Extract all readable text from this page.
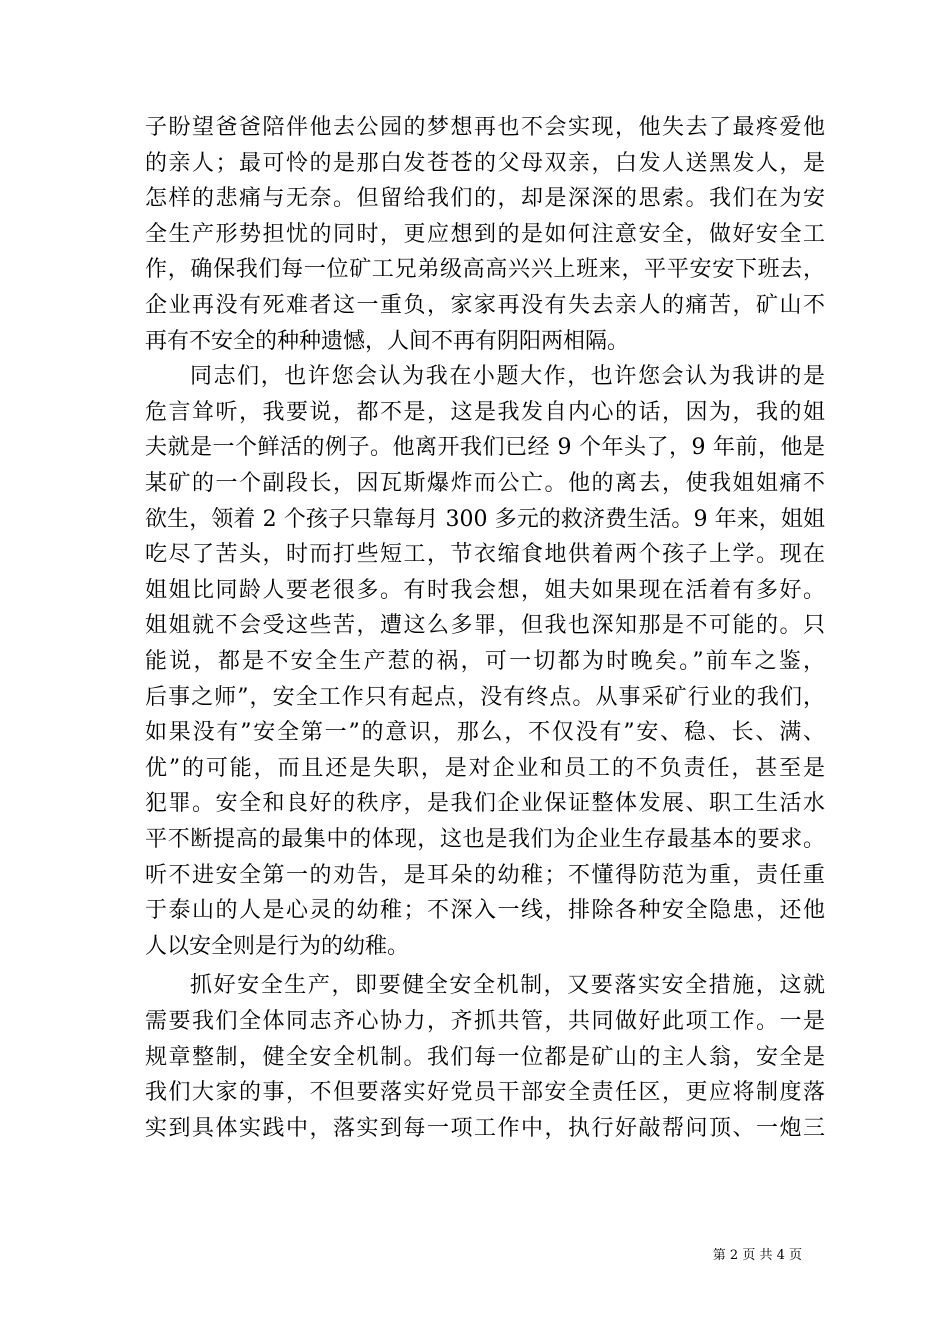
子盼望爸爸陪伴他去公园的梦想再也不会实现，他失去了最疼爱他
的亲人；最可怜的是那白发苍苍的父母双亲，白发人送黑发人，是
怎样的悲痛与无奈。但留给我们的，却是深深的思索。我们在为安
全生产形势担忧的同时，更应想到的是如何注意安全，做好安全工
作，确保我们每一位矿工兄弟级高高兴兴上班来，平平安安下班去，
企业再没有死难者这一重负，家家再没有失去亲人的痛苦，矿山不
再有不安全的种种遗憾，人间不再有阴阳两相隔。
同志们，也许您会认为我在小题大作，也许您会认为我讲的是
危言耸听，我要说，都不是，这是我发自内心的话，因为，我的姐
夫就是一个鲜活的例子。他离开我们已经 9 个年头了，9 年前，他是
某矿的一个副段长，因瓦斯爆炸而公亡。他的离去，使我姐姐痛不
欲生，领着 2 个孩子只靠每月 300 多元的救济费生活。9 年来，姐姐
吃尽了苦头，时而打些短工，节衣缩食地供着两个孩子上学。现在
姐姐比同龄人要老很多。有时我会想，姐夫如果现在活着有多好。
姐姐就不会受这些苦，遭这么多罪，但我也深知那是不可能的。只
能说，都是不安全生产惹的祸，可一切都为时晚矣。”前车之鉴，
后事之师”，安全工作只有起点，没有终点。从事采矿行业的我们，
如果没有”安全第一”的意识，那么，不仅没有”安、稳、长、满、
优”的可能，而且还是失职，是对企业和员工的不负责任，甚至是
犯罪。安全和良好的秩序，是我们企业保证整体发展、职工生活水
平不断提高的最集中的体现，这也是我们为企业生存最基本的要求。
听不进安全第一的劝告，是耳朵的幼稚；不懂得防范为重，责任重
于泰山的人是心灵的幼稚；不深入一线，排除各种安全隐患，还他
人以安全则是行为的幼稚。
抓好安全生产，即要健全安全机制，又要落实安全措施，这就
需要我们全体同志齐心协力，齐抓共管，共同做好此项工作。一是
规章整制，健全安全机制。我们每一位都是矿山的主人翁，安全是
我们大家的事，不但要落实好党员干部安全责任区，更应将制度落
实到具体实践中，落实到每一项工作中，执行好敲帮问顶、一炮三
第 2 页 共 4 页
